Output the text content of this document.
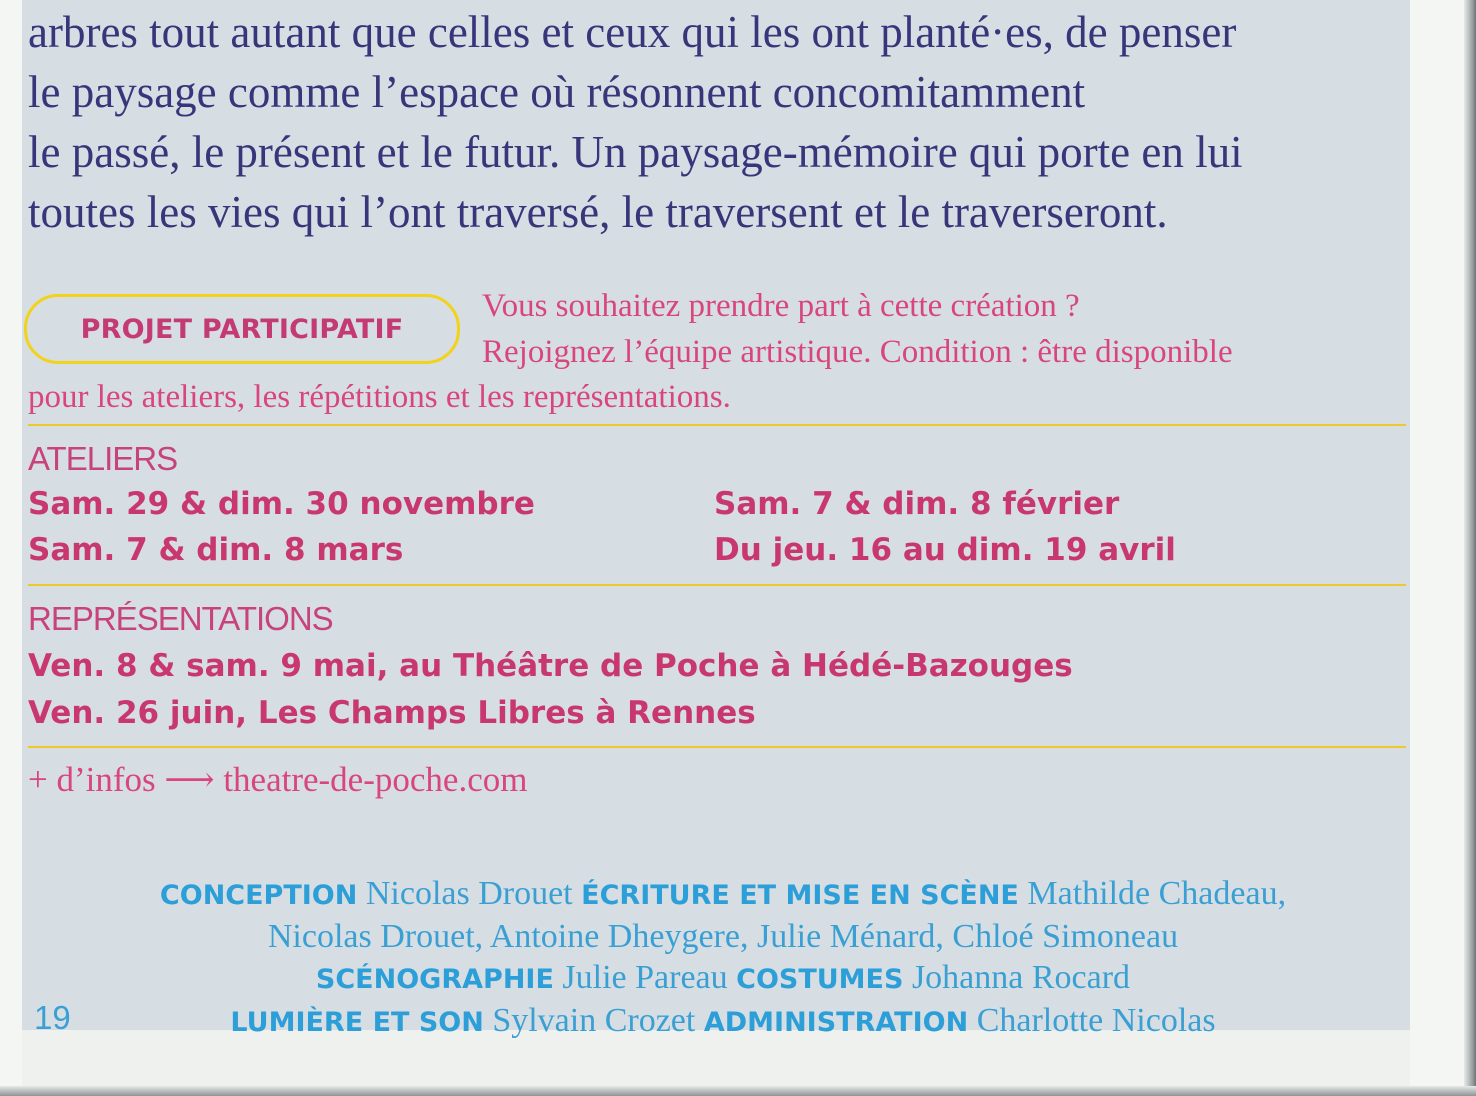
arbres tout autant que celles et ceux qui les ont planté·es, de penser
le paysage comme l’espace où résonnent concomitamment
le passé, le présent et le futur. Un paysage-mémoire qui porte en lui
toutes les vies qui l’ont traversé, le traversent et le traverseront.
PROJET PARTICIPATIF
Vous souhaitez prendre part à cette création ?
Rejoignez l’équipe artistique. Condition : être disponible
pour les ateliers, les répétitions et les représentations.
ATELIERS
Sam. 29 & dim. 30 novembre	Sam. 7 & dim. 8 février
Sam. 7 & dim. 8 mars	Du jeu. 16 au dim. 19 avril
REPRÉSENTATIONS
Ven. 8 & sam. 9 mai, au Théâtre de Poche à Hédé-Bazouges
Ven. 26 juin, Les Champs Libres à Rennes
+ d’infos ⟶ theatre-de-poche.com
CONCEPTION Nicolas Drouet ÉCRITURE ET MISE EN SCÈNE Mathilde Chadeau,
Nicolas Drouet, Antoine Dheygere, Julie Ménard, Chloé Simoneau
SCÉNOGRAPHIE Julie Pareau COSTUMES Johanna Rocard
LUMIÈRE ET SON Sylvain Crozet ADMINISTRATION Charlotte Nicolas
19
